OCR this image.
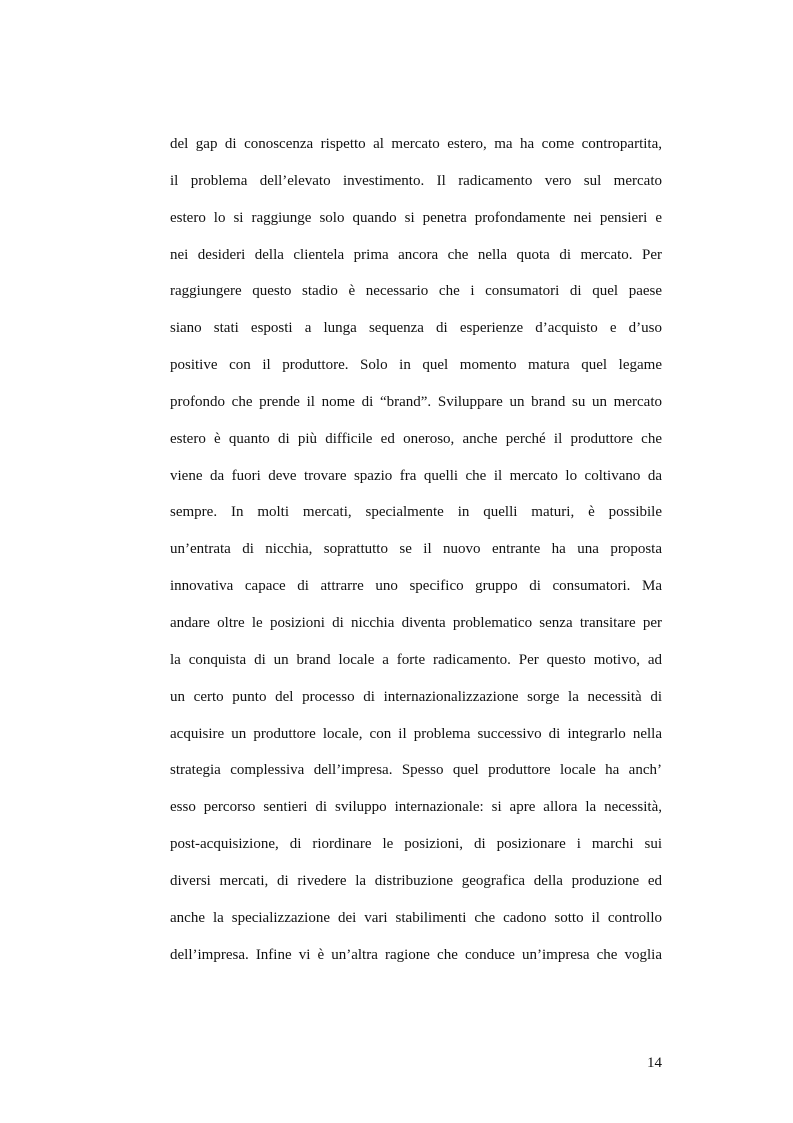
del gap di conoscenza rispetto al mercato estero, ma ha come contropartita,
il problema dell’elevato investimento. Il radicamento vero sul mercato
estero lo si raggiunge solo quando si penetra profondamente nei pensieri e
nei desideri della clientela prima ancora che nella quota di mercato. Per
raggiungere questo stadio è necessario che i consumatori di quel paese
siano stati esposti a lunga sequenza di esperienze d’acquisto e d’uso
positive con il produttore. Solo in quel momento matura quel legame
profondo che prende il nome di “brand”. Sviluppare un brand su un mercato
estero è quanto di più difficile ed oneroso, anche perché il produttore che
viene da fuori deve trovare spazio fra quelli che il mercato lo coltivano da
sempre. In molti mercati, specialmente in quelli maturi, è possibile
un’entrata di nicchia, soprattutto se il nuovo entrante ha una proposta
innovativa capace di attrarre uno specifico gruppo di consumatori. Ma
andare oltre le posizioni di nicchia diventa problematico senza transitare per
la conquista di un brand locale a forte radicamento. Per questo motivo, ad
un certo punto del processo di internazionalizzazione sorge la necessità di
acquisire un produttore locale, con il problema successivo di integrarlo nella
strategia complessiva dell’impresa. Spesso quel produttore locale ha anch’
esso percorso sentieri di sviluppo internazionale: si apre allora la necessità,
post-acquisizione, di riordinare le posizioni, di posizionare i marchi sui
diversi mercati, di rivedere la distribuzione geografica della produzione ed
anche la specializzazione dei vari stabilimenti che cadono sotto il controllo
dell’impresa. Infine vi è un’altra ragione che conduce un’impresa che voglia

14
